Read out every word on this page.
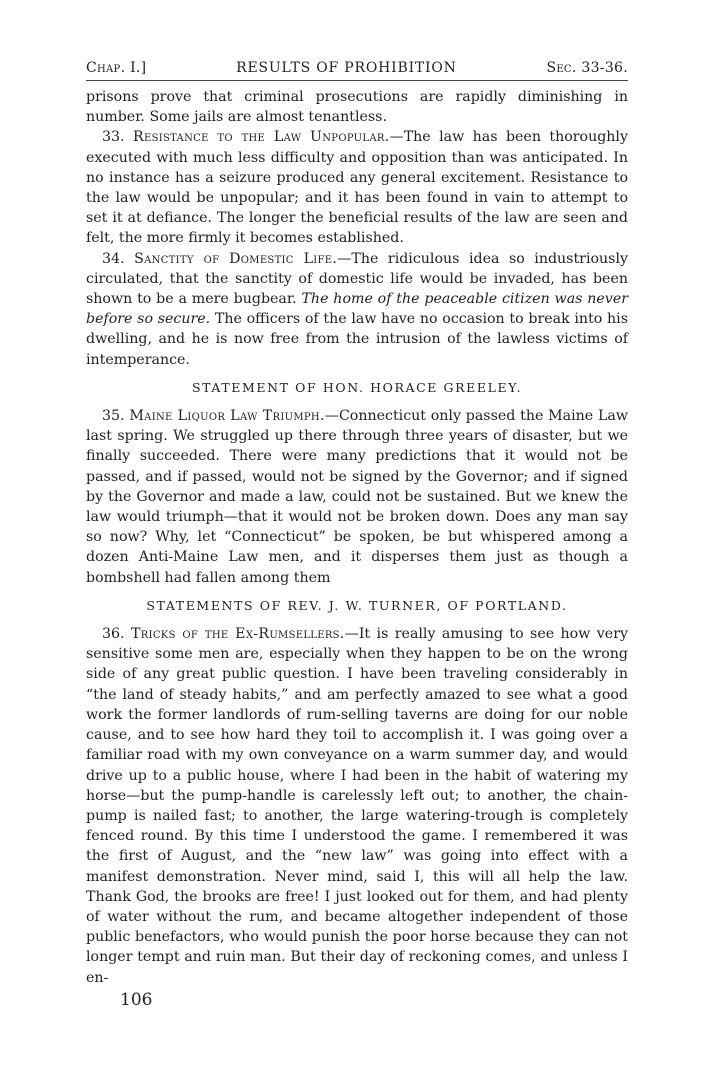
Chap. I.]	RESULTS OF PROHIBITION	Sec. 33-36.

prisons prove that criminal prosecutions are rapidly diminishing in number. Some jails are almost tenantless.

33. Resistance to the Law Unpopular.—The law has been thoroughly executed with much less difficulty and opposition than was anticipated. In no instance has a seizure produced any general excitement. Resistance to the law would be unpopular; and it has been found in vain to attempt to set it at defiance. The longer the beneficial results of the law are seen and felt, the more firmly it becomes established.

34. Sanctity of Domestic Life.—The ridiculous idea so industriously circulated, that the sanctity of domestic life would be invaded, has been shown to be a mere bugbear. The home of the peaceable citizen was never before so secure. The officers of the law have no occasion to break into his dwelling, and he is now free from the intrusion of the lawless victims of intemperance.

STATEMENT OF HON. HORACE GREELEY.

35. Maine Liquor Law Triumph.—Connecticut only passed the Maine Law last spring. We struggled up there through three years of disaster, but we finally succeeded. There were many predictions that it would not be passed, and if passed, would not be signed by the Governor; and if signed by the Governor and made a law, could not be sustained. But we knew the law would triumph—that it would not be broken down. Does any man say so now? Why, let “Connecticut” be spoken, be but whispered among a dozen Anti-Maine Law men, and it disperses them just as though a bombshell had fallen among them

STATEMENTS OF REV. J. W. TURNER, OF PORTLAND.

36. Tricks of the Ex-Rumsellers.—It is really amusing to see how very sensitive some men are, especially when they happen to be on the wrong side of any great public question. I have been traveling considerably in “the land of steady habits,” and am perfectly amazed to see what a good work the former landlords of rum-selling taverns are doing for our noble cause, and to see how hard they toil to accomplish it. I was going over a familiar road with my own conveyance on a warm summer day, and would drive up to a public house, where I had been in the habit of watering my horse—but the pump-handle is carelessly left out; to another, the chain-pump is nailed fast; to another, the large watering-trough is completely fenced round. By this time I understood the game. I remembered it was the first of August, and the “new law” was going into effect with a manifest demonstration. Never mind, said I, this will all help the law. Thank God, the brooks are free! I just looked out for them, and had plenty of water without the rum, and became altogether independent of those public benefactors, who would punish the poor horse because they can not longer tempt and ruin man. But their day of reckoning comes, and unless I en-

106
